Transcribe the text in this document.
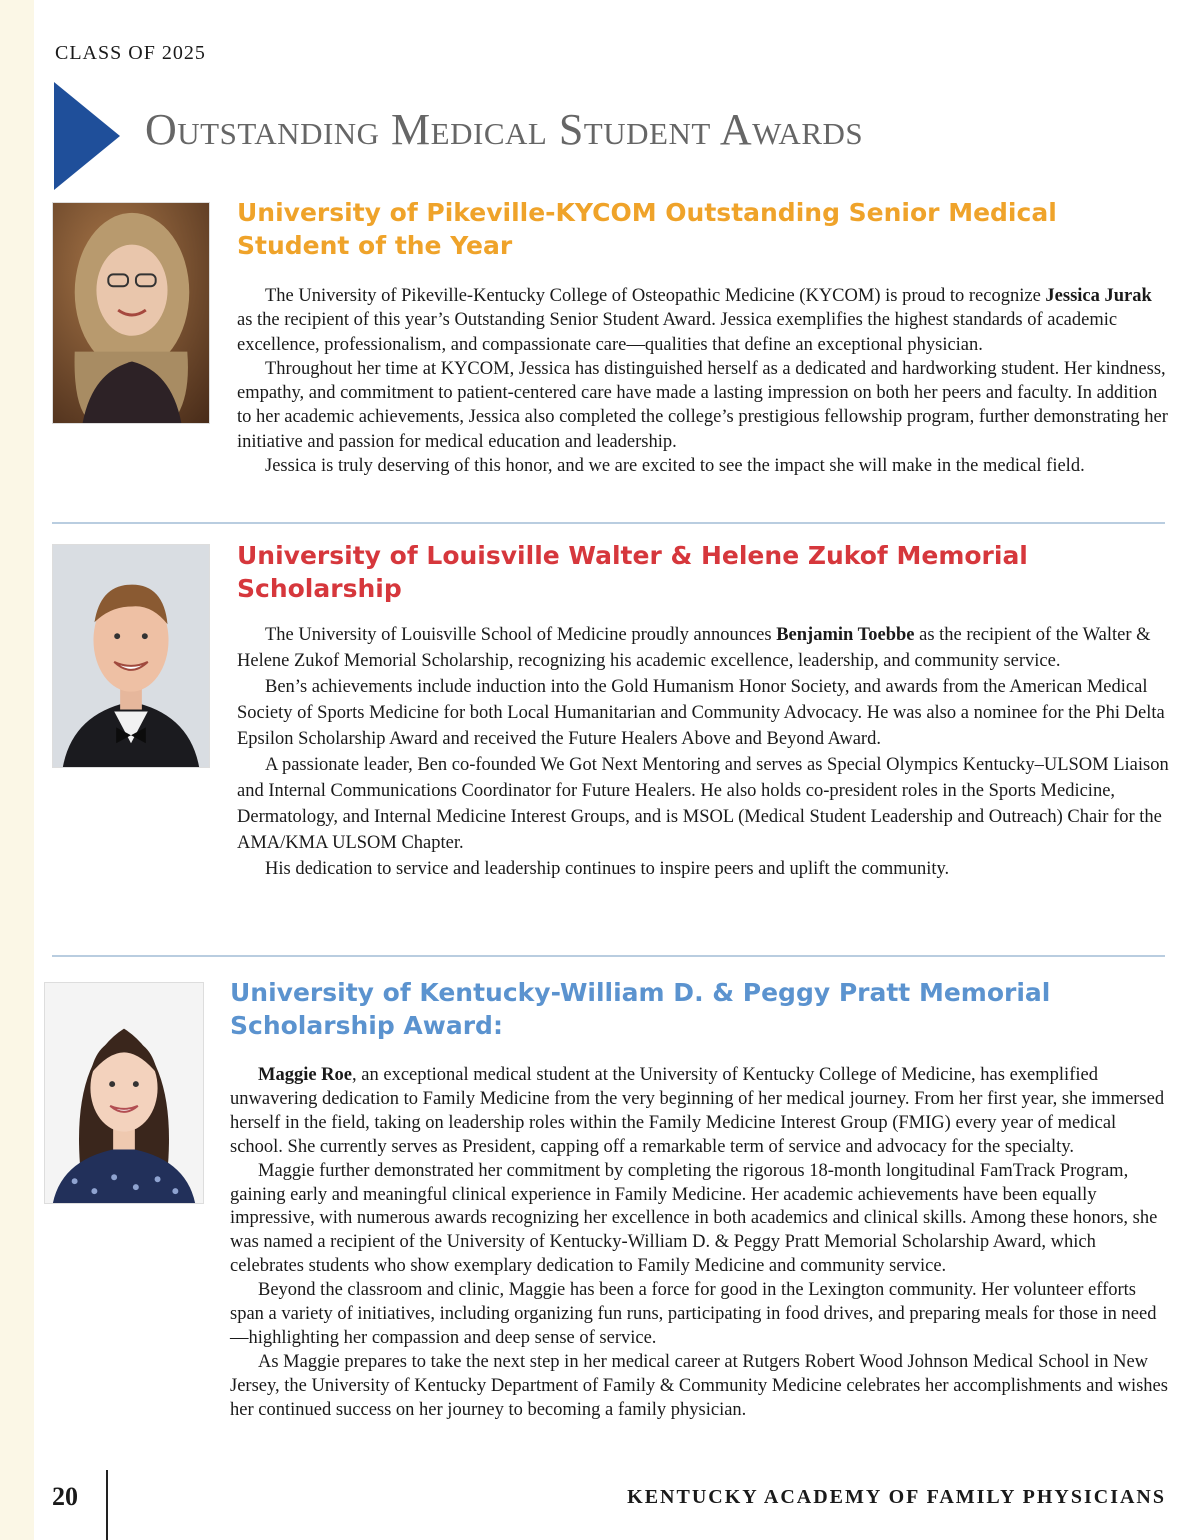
CLASS OF 2025
Outstanding Medical Student Awards
University of Pikeville-KYCOM Outstanding Senior Medical
Student of the Year

The University of Pikeville-Kentucky College of Osteopathic Medicine (KYCOM) is proud to recognize Jessica Jurak as the recipient of this year’s Outstanding Senior Student Award. Jessica exemplifies the highest standards of academic excellence, professionalism, and compassionate care—qualities that define an exceptional physician.

Throughout her time at KYCOM, Jessica has distinguished herself as a dedicated and hardworking student. Her kindness, empathy, and commitment to patient-centered care have made a lasting impression on both her peers and faculty. In addition to her academic achievements, Jessica also completed the college’s prestigious fellowship program, further demonstrating her initiative and passion for medical education and leadership.

Jessica is truly deserving of this honor, and we are excited to see the impact she will make in the medical field.

University of Louisville Walter & Helene Zukof Memorial
Scholarship

The University of Louisville School of Medicine proudly announces Benjamin Toebbe as the recipient of the Walter & Helene Zukof Memorial Scholarship, recognizing his academic excellence, leadership, and community service.

Ben’s achievements include induction into the Gold Humanism Honor Society, and awards from the American Medical Society of Sports Medicine for both Local Humanitarian and Community Advocacy. He was also a nominee for the Phi Delta Epsilon Scholarship Award and received the Future Healers Above and Beyond Award.

A passionate leader, Ben co-founded We Got Next Mentoring and serves as Special Olympics Kentucky–ULSOM Liaison and Internal Communications Coordinator for Future Healers. He also holds co-president roles in the Sports Medicine, Dermatology, and Internal Medicine Interest Groups, and is MSOL (Medical Student Leadership and Outreach) Chair for the AMA/KMA ULSOM Chapter.

His dedication to service and leadership continues to inspire peers and uplift the community.

University of Kentucky-William D. & Peggy Pratt Memorial
Scholarship Award:

Maggie Roe, an exceptional medical student at the University of Kentucky College of Medicine, has exemplified unwavering dedication to Family Medicine from the very beginning of her medical journey. From her first year, she immersed herself in the field, taking on leadership roles within the Family Medicine Interest Group (FMIG) every year of medical school. She currently serves as President, capping off a remarkable term of service and advocacy for the specialty.

Maggie further demonstrated her commitment by completing the rigorous 18-month longitudinal FamTrack Program, gaining early and meaningful clinical experience in Family Medicine. Her academic achievements have been equally impressive, with numerous awards recognizing her excellence in both academics and clinical skills. Among these honors, she was named a recipient of the University of Kentucky-William D. & Peggy Pratt Memorial Scholarship Award, which celebrates students who show exemplary dedication to Family Medicine and community service.

Beyond the classroom and clinic, Maggie has been a force for good in the Lexington community. Her volunteer efforts span a variety of initiatives, including organizing fun runs, participating in food drives, and preparing meals for those in need—highlighting her compassion and deep sense of service.

As Maggie prepares to take the next step in her medical career at Rutgers Robert Wood Johnson Medical School in New Jersey, the University of Kentucky Department of Family & Community Medicine celebrates her accomplishments and wishes her continued success on her journey to becoming a family physician.

20	KENTUCKY ACADEMY OF FAMILY PHYSICIANS
